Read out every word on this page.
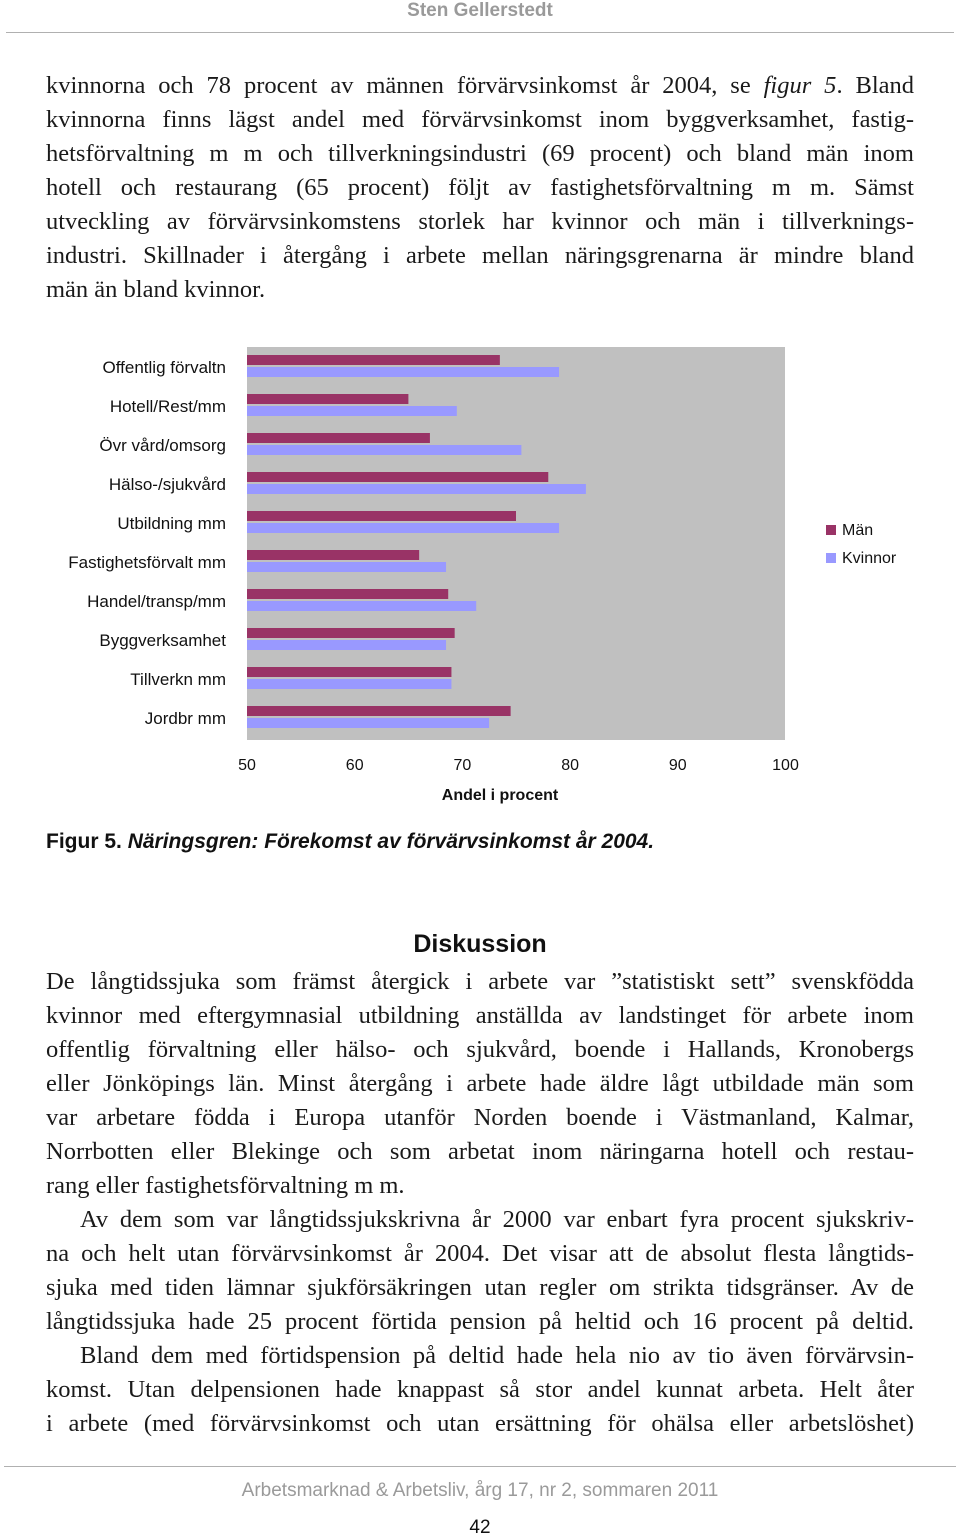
Sten Gellerstedt
kvinnorna och 78 procent av männen förvärvsinkomst år 2004, se figur 5. Bland
kvinnorna finns lägst andel med förvärvsinkomst inom byggverksamhet, fastig-
hetsförvaltning m m och tillverkningsindustri (69 procent) och bland män inom
hotell och restaurang (65 procent) följt av fastighetsförvaltning m m. Sämst
utveckling av förvärvsinkomstens storlek har kvinnor och män i tillverknings-
industri. Skillnader i återgång i arbete mellan näringsgrenarna är mindre bland
män än bland kvinnor.
Offentlig förvaltn
Hotell/Rest/mm
Övr vård/omsorg
Hälso-/sjukvård
Utbildning mm
Fastighetsförvalt mm
Handel/transp/mm
Byggverksamhet
Tillverkn mm
Jordbr mm
50	60	70	80	90	100
Andel i procent
Män
Kvinnor
Figur 5. Näringsgren: Förekomst av förvärvsinkomst år 2004.
Diskussion
De långtidssjuka som främst återgick i arbete var ”statistiskt sett” svenskfödda
kvinnor med eftergymnasial utbildning anställda av landstinget för arbete inom
offentlig förvaltning eller hälso- och sjukvård, boende i Hallands, Kronobergs
eller Jönköpings län. Minst återgång i arbete hade äldre lågt utbildade män som
var arbetare födda i Europa utanför Norden boende i Västmanland, Kalmar,
Norrbotten eller Blekinge och som arbetat inom näringarna hotell och restau-
rang eller fastighetsförvaltning m m.
Av dem som var långtidssjukskrivna år 2000 var enbart fyra procent sjukskriv-
na och helt utan förvärvsinkomst år 2004. Det visar att de absolut flesta långtids-
sjuka med tiden lämnar sjukförsäkringen utan regler om strikta tidsgränser. Av de
långtidssjuka hade 25 procent förtida pension på heltid och 16 procent på deltid.
Bland dem med förtidspension på deltid hade hela nio av tio även förvärvsin-
komst. Utan delpensionen hade knappast så stor andel kunnat arbeta. Helt åter
i arbete (med förvärvsinkomst och utan ersättning för ohälsa eller arbetslöshet)
Arbetsmarknad & Arbetsliv, årg 17, nr 2, sommaren 2011
42
